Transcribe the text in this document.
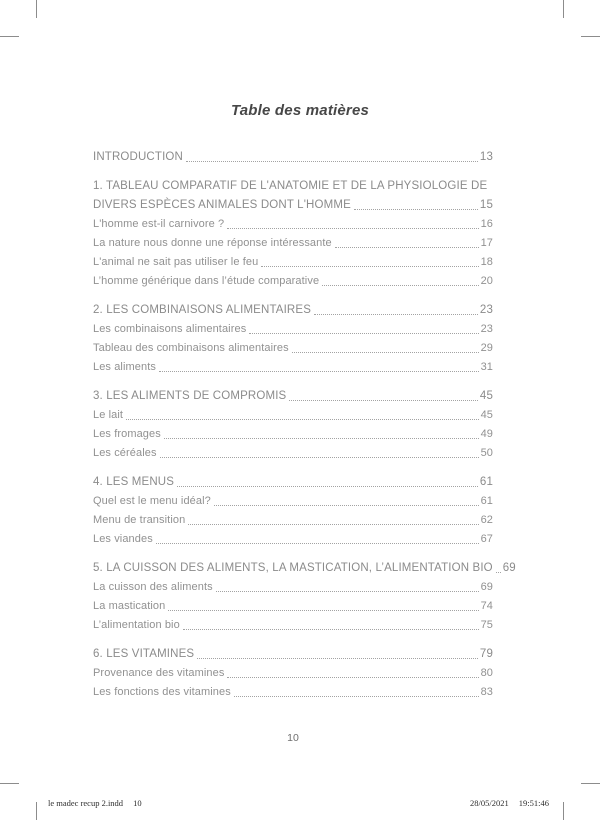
Table des matières
INTRODUCTION	13
1. TABLEAU COMPARATIF DE L'ANATOMIE ET DE LA PHYSIOLOGIE DE
DIVERS ESPÈCES ANIMALES DONT L'HOMME	15
L'homme est-il carnivore ?	16
La nature nous donne une réponse intéressante	17
L'animal ne sait pas utiliser le feu	18
L’homme générique dans l’étude comparative	20
2. LES COMBINAISONS ALIMENTAIRES	23
Les combinaisons alimentaires	23
Tableau des combinaisons alimentaires	29
Les aliments	31
3. LES ALIMENTS DE COMPROMIS	45
Le lait	45
Les fromages	49
Les céréales	50
4. LES MENUS	61
Quel est le menu idéal?	61
Menu de transition	62
Les viandes	67
5. LA CUISSON DES ALIMENTS, LA MASTICATION, L’ALIMENTATION BIO 69
La cuisson des aliments	69
La mastication	74
L’alimentation bio	75
6. LES VITAMINES	79
Provenance des vitamines	80
Les fonctions des vitamines	83
10
le madec recup 2.indd 10	28/05/2021 19:51:46
